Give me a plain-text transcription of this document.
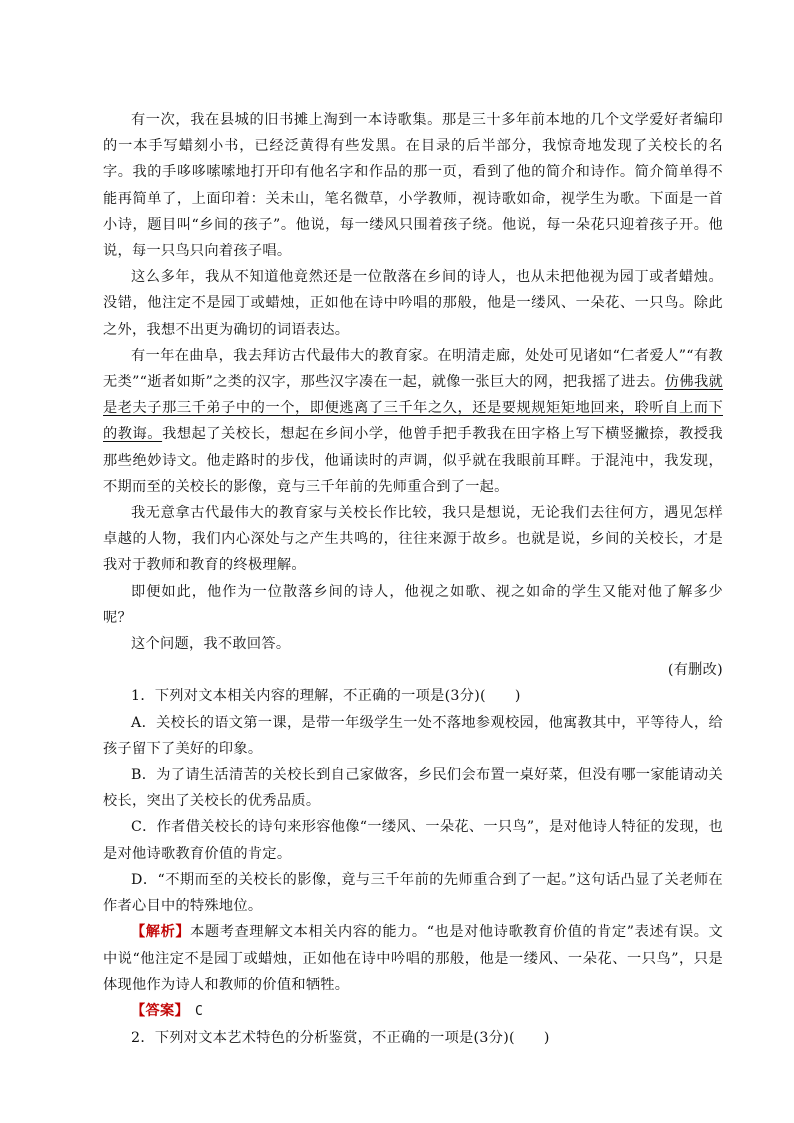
有一次，我在县城的旧书摊上淘到一本诗歌集。那是三十多年前本地的几个文学爱好者编印的一本手写蜡刻小书，已经泛黄得有些发黑。在目录的后半部分，我惊奇地发现了关校长的名字。我的手哆哆嗦嗦地打开印有他名字和作品的那一页，看到了他的简介和诗作。简介简单得不能再简单了，上面印着：关未山，笔名微草，小学教师，视诗歌如命，视学生为歌。下面是一首小诗，题目叫“乡间的孩子”。他说，每一缕风只围着孩子绕。他说，每一朵花只迎着孩子开。他说，每一只鸟只向着孩子唱。

这么多年，我从不知道他竟然还是一位散落在乡间的诗人，也从未把他视为园丁或者蜡烛。没错，他注定不是园丁或蜡烛，正如他在诗中吟唱的那般，他是一缕风、一朵花、一只鸟。除此之外，我想不出更为确切的词语表达。

有一年在曲阜，我去拜访古代最伟大的教育家。在明清走廊，处处可见诸如“仁者爱人”“有教无类”“逝者如斯”之类的汉字，那些汉字凑在一起，就像一张巨大的网，把我摇了进去。仿佛我就是老夫子那三千弟子中的一个，即便逃离了三千年之久，还是要规规矩矩地回来，聆听自上而下的教诲。我想起了关校长，想起在乡间小学，他曾手把手教我在田字格上写下横竖撇捺，教授我那些绝妙诗文。他走路时的步伐，他诵读时的声调，似乎就在我眼前耳畔。于混沌中，我发现，不期而至的关校长的影像，竟与三千年前的先师重合到了一起。

我无意拿古代最伟大的教育家与关校长作比较，我只是想说，无论我们去往何方，遇见怎样卓越的人物，我们内心深处与之产生共鸣的，往往来源于故乡。也就是说，乡间的关校长，才是我对于教师和教育的终极理解。

即便如此，他作为一位散落乡间的诗人，他视之如歌、视之如命的学生又能对他了解多少呢？

这个问题，我不敢回答。

(有删改)

1．下列对文本相关内容的理解，不正确的一项是(3分)(　　)

A．关校长的语文第一课，是带一年级学生一处不落地参观校园，他寓教其中，平等待人，给孩子留下了美好的印象。

B．为了请生活清苦的关校长到自己家做客，乡民们会布置一桌好菜，但没有哪一家能请动关校长，突出了关校长的优秀品质。

C．作者借关校长的诗句来形容他像“一缕风、一朵花、一只鸟”，是对他诗人特征的发现，也是对他诗歌教育价值的肯定。

D．“不期而至的关校长的影像，竟与三千年前的先师重合到了一起。”这句话凸显了关老师在作者心目中的特殊地位。

【解析】本题考查理解文本相关内容的能力。“也是对他诗歌教育价值的肯定”表述有误。文中说“他注定不是园丁或蜡烛，正如他在诗中吟唱的那般，他是一缕风、一朵花、一只鸟”，只是体现他作为诗人和教师的价值和牺牲。

【答案】 C

2．下列对文本艺术特色的分析鉴赏，不正确的一项是(3分)(　　)
